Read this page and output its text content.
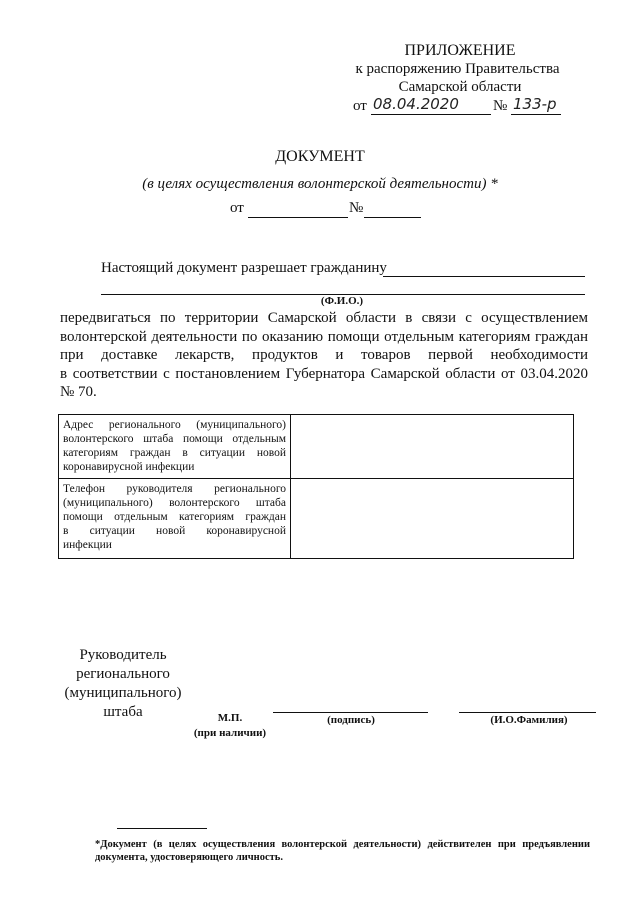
ПРИЛОЖЕНИЕ
к распоряжению Правительства
Самарской области
от 08.04.2020 № 133-р
ДОКУМЕНТ
(в целях осуществления волонтерской деятельности) *
от	№
Настоящий документ разрешает гражданину
(Ф.И.О.)
передвигаться по территории Самарской области в связи с осуществлением
волонтерской деятельности по оказанию помощи отдельным категориям граждан
при доставке лекарств, продуктов и товаров первой необходимости
в соответствии с постановлением Губернатора Самарской области от 03.04.2020
№ 70.
Адрес регионального (муниципального)
волонтерского штаба помощи отдельным
категориям граждан в ситуации новой
коронавирусной инфекции	

Телефон руководителя регионального
(муниципального) волонтерского штаба
помощи отдельным категориям граждан
в ситуации новой коронавирусной
инфекции	

Руководитель
регионального
(муниципального)
штаба	М.П.
(при наличии)
(подпись)	(И.О.Фамилия)
*Документ (в целях осуществления волонтерской деятельности) действителен при предъявлении
документа, удостоверяющего личность.
